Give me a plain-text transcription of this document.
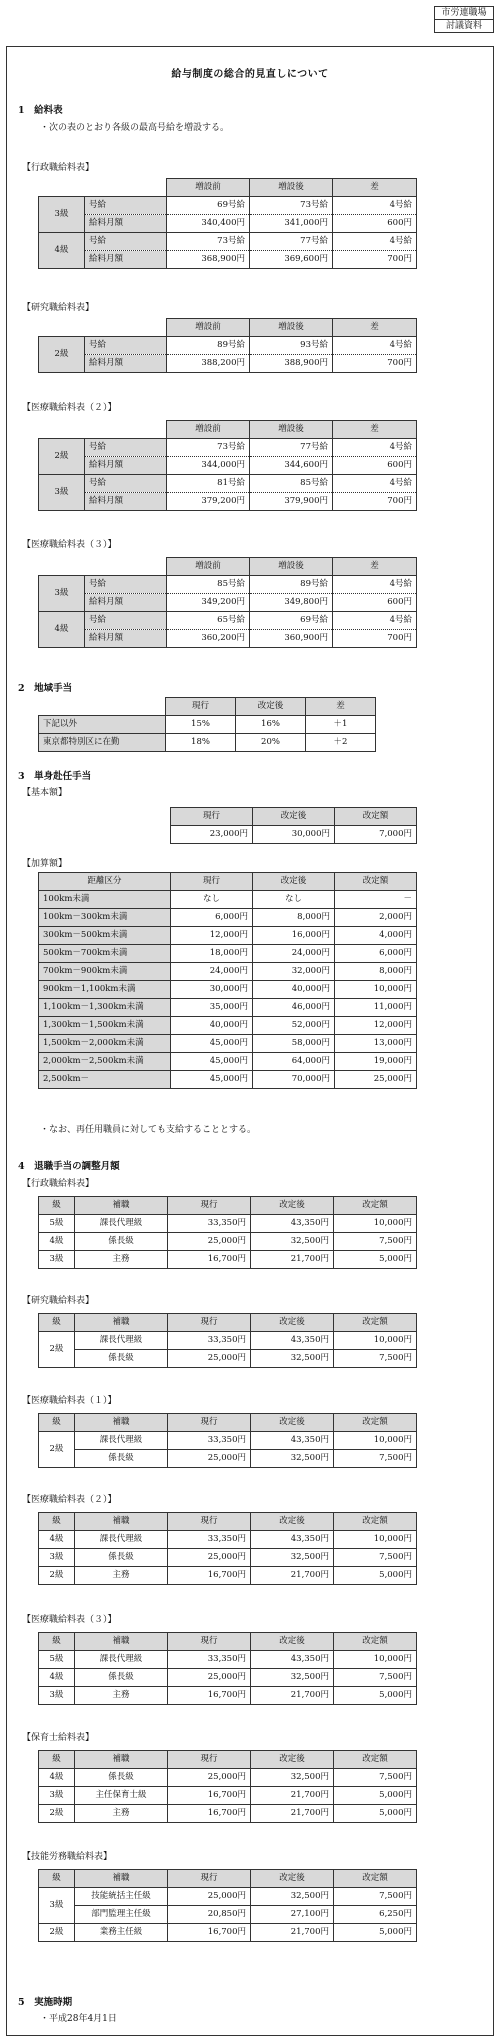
市労連職場
討議資料
給与制度の総合的見直しについて
1　給料表
・次の表のとおり各級の最高号給を増設する。
【行政職給料表】
		増設前	増設後	差
3級	号給	69号給	73号給	4号給
	給料月額	340,400円	341,000円	600円
4級	号給	73号給	77号給	4号給
	給料月額	368,900円	369,600円	700円
【研究職給料表】
		増設前	増設後	差
2級	号給	89号給	93号給	4号給
	給料月額	388,200円	388,900円	700円
【医療職給料表（２）】
		増設前	増設後	差
2級	号給	73号給	77号給	4号給
	給料月額	344,000円	344,600円	600円
3級	号給	81号給	85号給	4号給
	給料月額	379,200円	379,900円	700円
【医療職給料表（３）】
		増設前	増設後	差
3級	号給	85号給	89号給	4号給
	給料月額	349,200円	349,800円	600円
4級	号給	65号給	69号給	4号給
	給料月額	360,200円	360,900円	700円
2　地域手当
	現行	改定後	差
下記以外	15%	16%	＋1
東京都特別区に在勤	18%	20%	＋2
3　単身赴任手当
【基本額】
現行	改定後	改定額
23,000円	30,000円	7,000円
【加算額】
距離区分	現行	改定後	改定額
100km未満	なし	なし	－
100km－300km未満	6,000円	8,000円	2,000円
300km－500km未満	12,000円	16,000円	4,000円
500km－700km未満	18,000円	24,000円	6,000円
700km－900km未満	24,000円	32,000円	8,000円
900km－1,100km未満	30,000円	40,000円	10,000円
1,100km－1,300km未満	35,000円	46,000円	11,000円
1,300km－1,500km未満	40,000円	52,000円	12,000円
1,500km－2,000km未満	45,000円	58,000円	13,000円
2,000km－2,500km未満	45,000円	64,000円	19,000円
2,500km－	45,000円	70,000円	25,000円
・なお、再任用職員に対しても支給することとする。
4　退職手当の調整月額
【行政職給料表】
級	補職	現行	改定後	改定額
5級	課長代理級	33,350円	43,350円	10,000円
4級	係長級	25,000円	32,500円	7,500円
3級	主務	16,700円	21,700円	5,000円
【研究職給料表】
級	補職	現行	改定後	改定額
2級	課長代理級	33,350円	43,350円	10,000円
	係長級	25,000円	32,500円	7,500円
【医療職給料表（１）】
級	補職	現行	改定後	改定額
2級	課長代理級	33,350円	43,350円	10,000円
	係長級	25,000円	32,500円	7,500円
【医療職給料表（２）】
級	補職	現行	改定後	改定額
4級	課長代理級	33,350円	43,350円	10,000円
3級	係長級	25,000円	32,500円	7,500円
2級	主務	16,700円	21,700円	5,000円
【医療職給料表（３）】
級	補職	現行	改定後	改定額
5級	課長代理級	33,350円	43,350円	10,000円
4級	係長級	25,000円	32,500円	7,500円
3級	主務	16,700円	21,700円	5,000円
【保育士給料表】
級	補職	現行	改定後	改定額
4級	係長級	25,000円	32,500円	7,500円
3級	主任保育士級	16,700円	21,700円	5,000円
2級	主務	16,700円	21,700円	5,000円
【技能労務職給料表】
級	補職	現行	改定後	改定額
3級	技能統括主任級	25,000円	32,500円	7,500円
	部門監理主任級	20,850円	27,100円	6,250円
2級	業務主任級	16,700円	21,700円	5,000円
5　実施時期
・平成28年4月1日
